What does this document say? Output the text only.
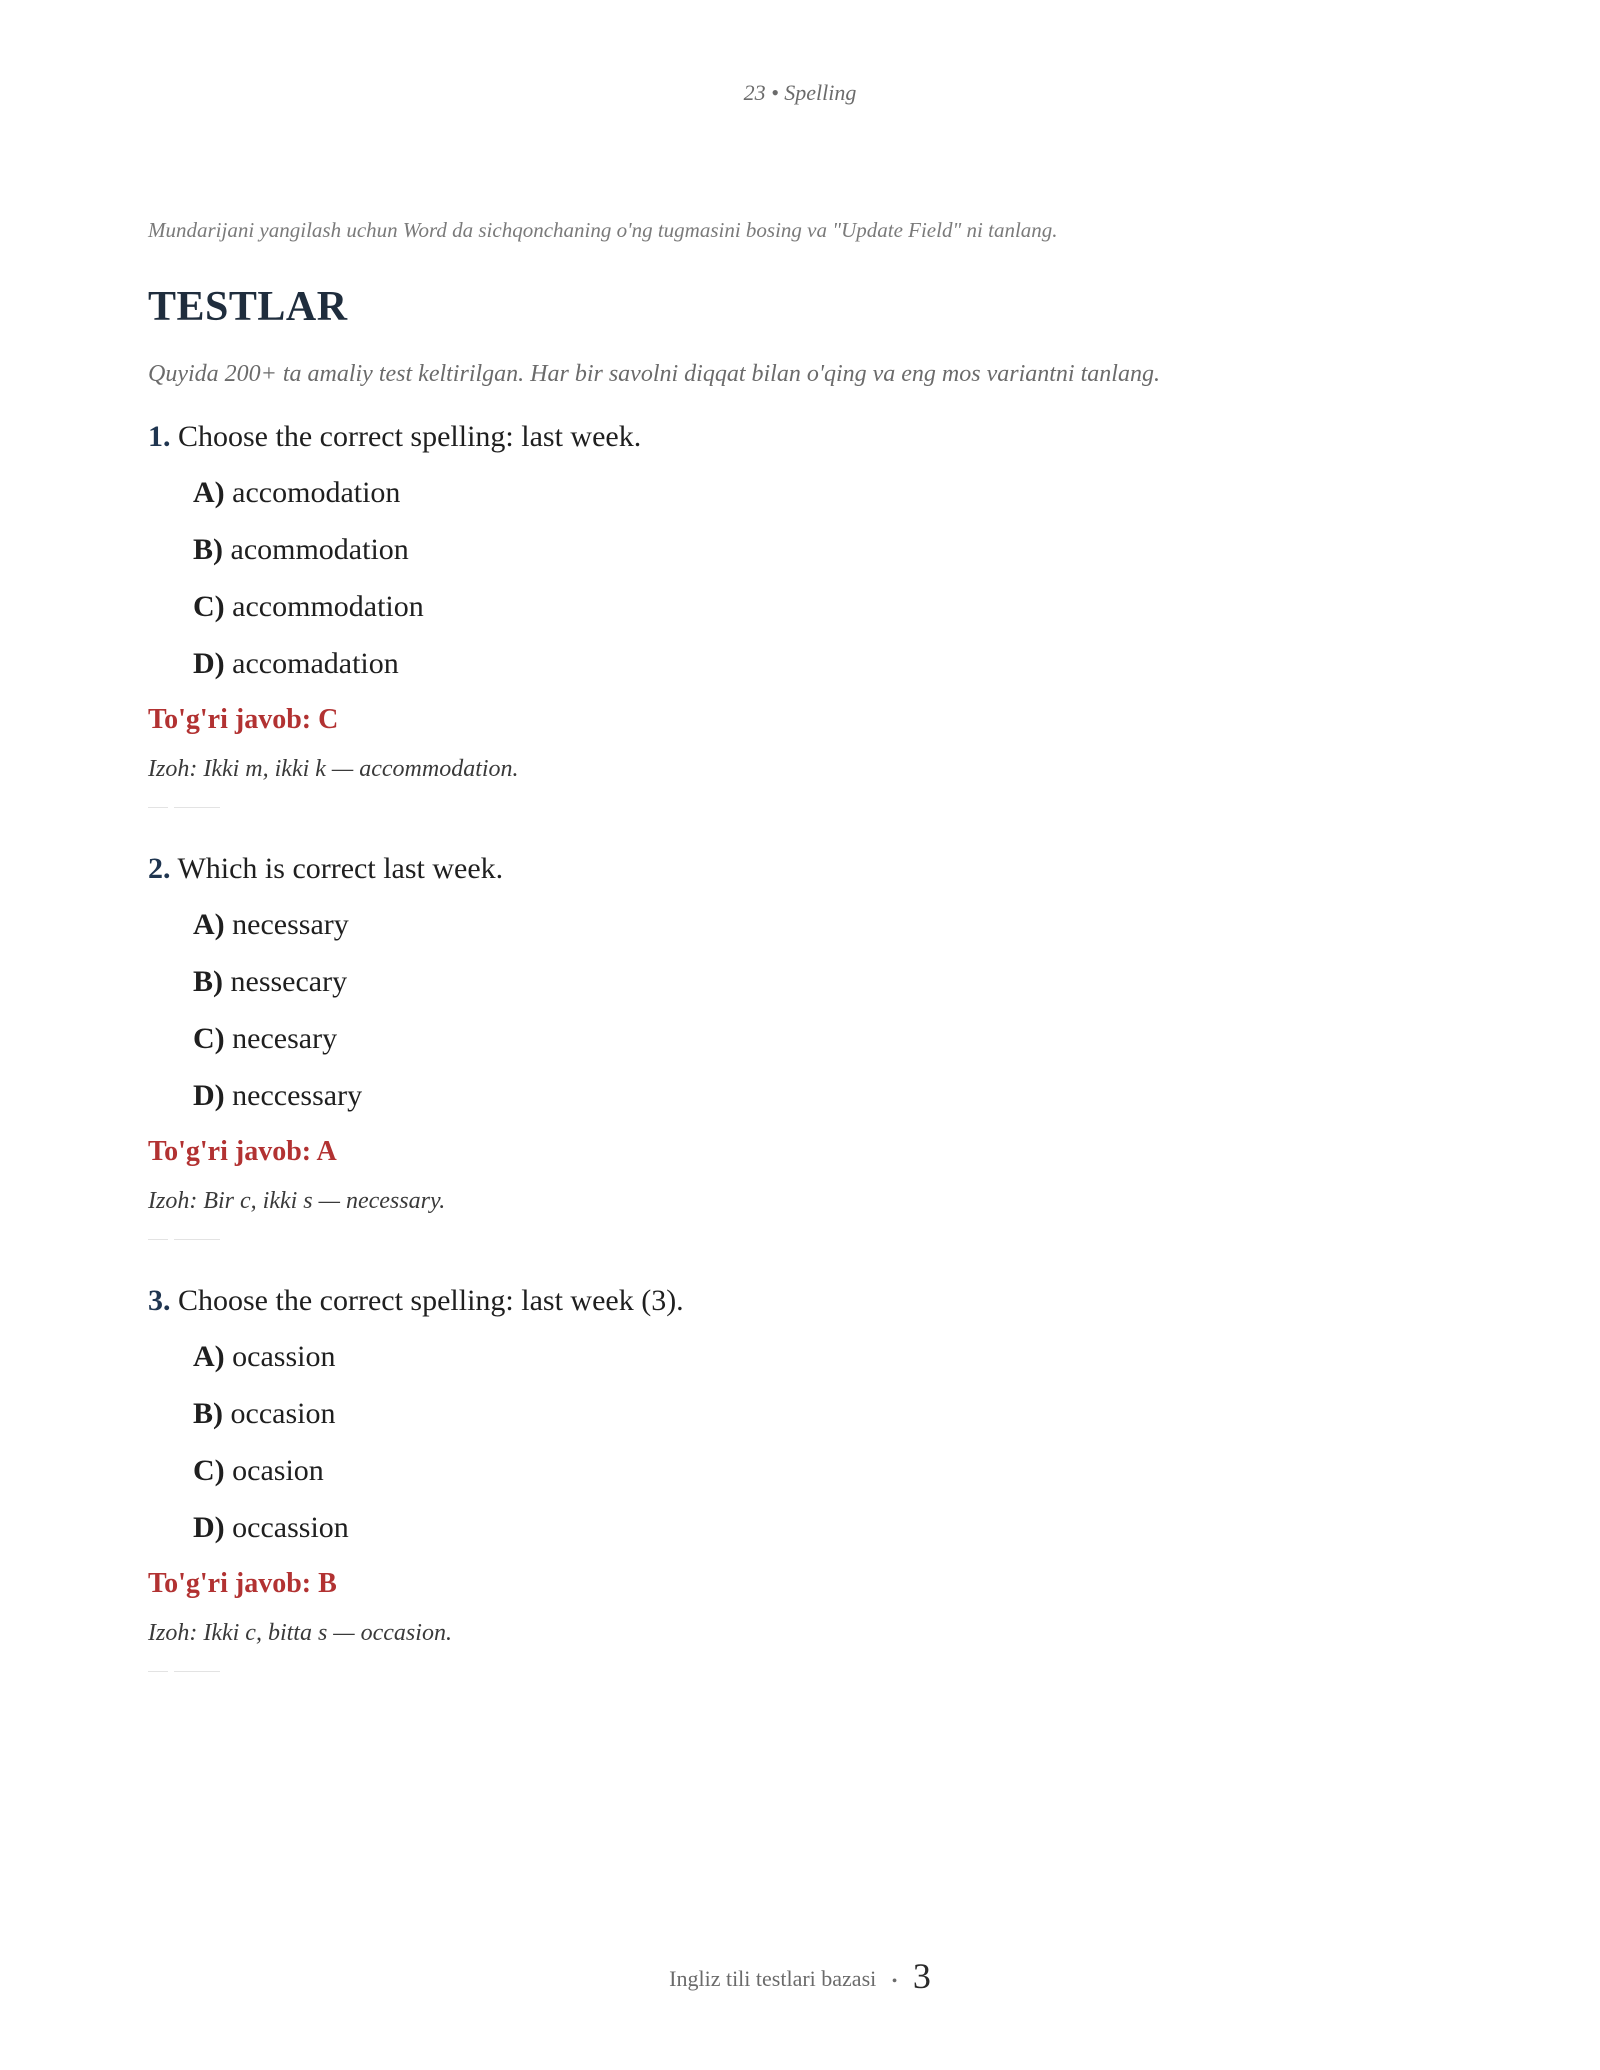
23 • Spelling

Mundarijani yangilash uchun Word da sichqonchaning o'ng tugmasini bosing va "Update Field" ni tanlang.

TESTLAR

Quyida 200+ ta amaliy test keltirilgan. Har bir savolni diqqat bilan o'qing va eng mos variantni tanlang.

1. Choose the correct spelling: last week.

A) accomodation
B) acommodation
C) accommodation
D) accomadation

To'g'ri javob: C

Izoh: Ikki m, ikki k — accommodation.

2. Which is correct last week.

A) necessary
B) nessecary
C) necesary
D) neccessary

To'g'ri javob: A

Izoh: Bir c, ikki s — necessary.

3. Choose the correct spelling: last week (3).

A) ocassion
B) occasion
C) ocasion
D) occassion

To'g'ri javob: B

Izoh: Ikki c, bitta s — occasion.

Ingliz tili testlari bazasi • 3
